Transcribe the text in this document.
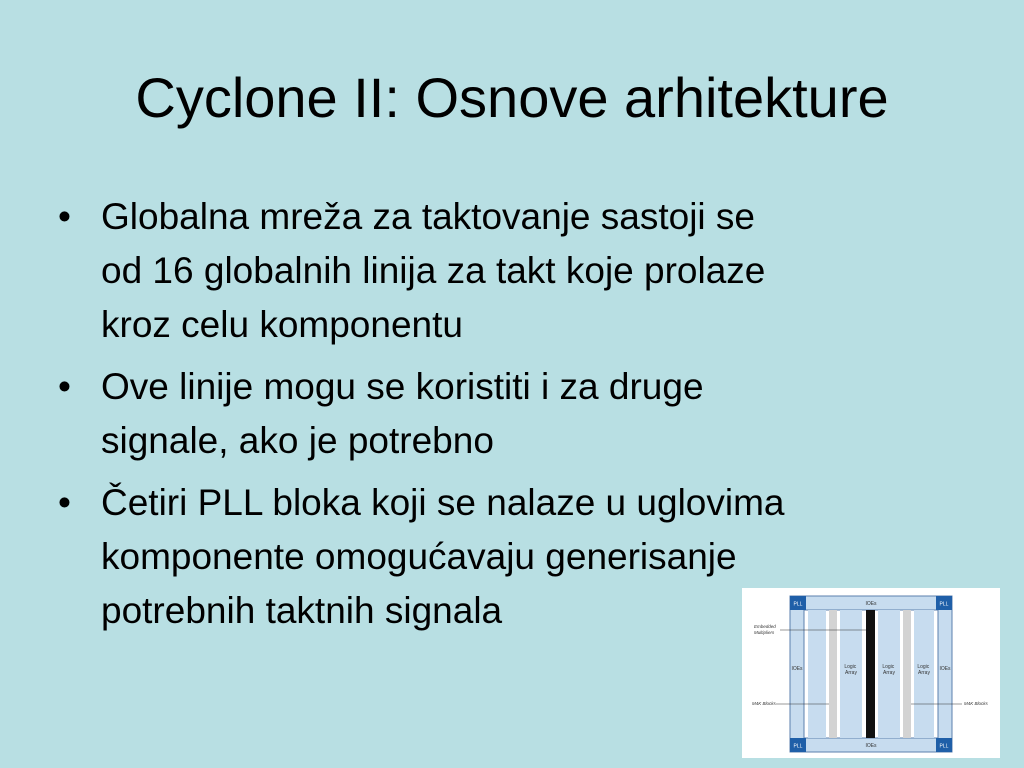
Cyclone II: Osnove arhitekture
• Globalna mreža za taktovanje sastoji se
od 16 globalnih linija za takt koje prolaze
kroz celu komponentu
• Ove linije mogu se koristiti i za druge
signale, ako je potrebno
• Četiri PLL bloka koji se nalaze u uglovima
komponente omogućavaju generisanje
potrebnih taktnih signala	PLL	PLL
PLL	PLL
IOEs
IOEs
IOEs	IOEs
Logic Array
Logic Array
Logic Array
Embedded Multipliers
M4K Blocks	M4K Blocks
